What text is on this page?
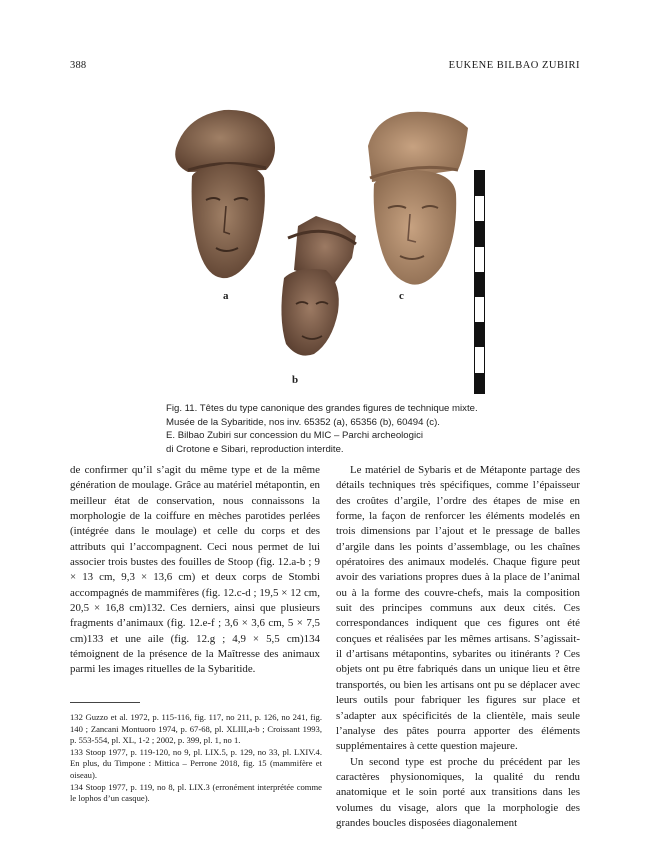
388	EUKENE BILBAO ZUBIRI
a
b
c

Fig. 11. Têtes du type canonique des grandes figures de technique mixte.

Musée de la Sybaritide, nos inv. 65352 (a), 65356 (b), 60494 (c).

E. Bilbao Zubiri sur concession du MIC – Parchi archeologici

di Crotone e Sibari, reproduction interdite.

de confirmer qu’il s’agit du même type et de la même génération de moulage. Grâce au matériel métapontin, en meilleur état de conservation, nous connaissons la morphologie de la coiffure en mèches parotides perlées (intégrée dans le moulage) et celle du corps et des attributs qui l’accompagnent. Ceci nous permet de lui associer trois bustes des fouilles de Stoop (fig. 12.a-b ; 9 × 13 cm, 9,3 × 13,6 cm) et deux corps de Stombi accompagnés de mammifères (fig. 12.c-d ; 19,5 × 12 cm, 20,5 × 16,8 cm)132. Ces derniers, ainsi que plusieurs fragments d’animaux (fig. 12.e-f ; 3,6 × 3,6 cm, 5 × 7,5 cm)133 et une aile (fig. 12.g ; 4,9 × 5,5 cm)134 témoignent de la présence de la Maîtresse des animaux parmi les images rituelles de la Sybaritide.

132 Guzzo et al. 1972, p. 115-116, fig. 117, no 211, p. 126, no 241, fig. 140 ; Zancani Montuoro 1974, p. 67-68, pl. XLIII,a-b ; Croissant 1993, p. 553-554, pl. XL, 1-2 ; 2002, p. 399, pl. 1, no 1.

133 Stoop 1977, p. 119-120, no 9, pl. LIX.5, p. 129, no 33, pl. LXIV.4. En plus, du Timpone : Mittica – Perrone 2018, fig. 15 (mammifère et oiseau).

134 Stoop 1977, p. 119, no 8, pl. LIX.3 (erronément interprétée comme le lophos d’un casque).

Le matériel de Sybaris et de Métaponte partage des détails techniques très spécifiques, comme l’épaisseur des croûtes d’argile, l’ordre des étapes de mise en forme, la façon de renforcer les éléments modelés en trois dimensions par l’ajout et le pressage de balles d’argile dans les points d’assemblage, ou les chaînes opératoires des animaux modelés. Chaque figure peut avoir des variations propres dues à la place de l’animal ou à la forme des couvre-chefs, mais la composition suit des principes communs aux deux cités. Ces correspondances indiquent que ces figures ont été conçues et réalisées par les mêmes artisans. S’agissait-il d’artisans métapontins, sybarites ou itinérants ? Ces objets ont pu être fabriqués dans un unique lieu et être transportés, ou bien les artisans ont pu se déplacer avec leurs outils pour fabriquer les figures sur place et s’adapter aux spécificités de la clientèle, mais seule l’analyse des pâtes pourra apporter des éléments supplémentaires à cette question majeure.

Un second type est proche du précédent par les caractères physionomiques, la qualité du rendu anatomique et le soin porté aux transitions dans les volumes du visage, alors que la morphologie des grandes boucles disposées diagonalement
